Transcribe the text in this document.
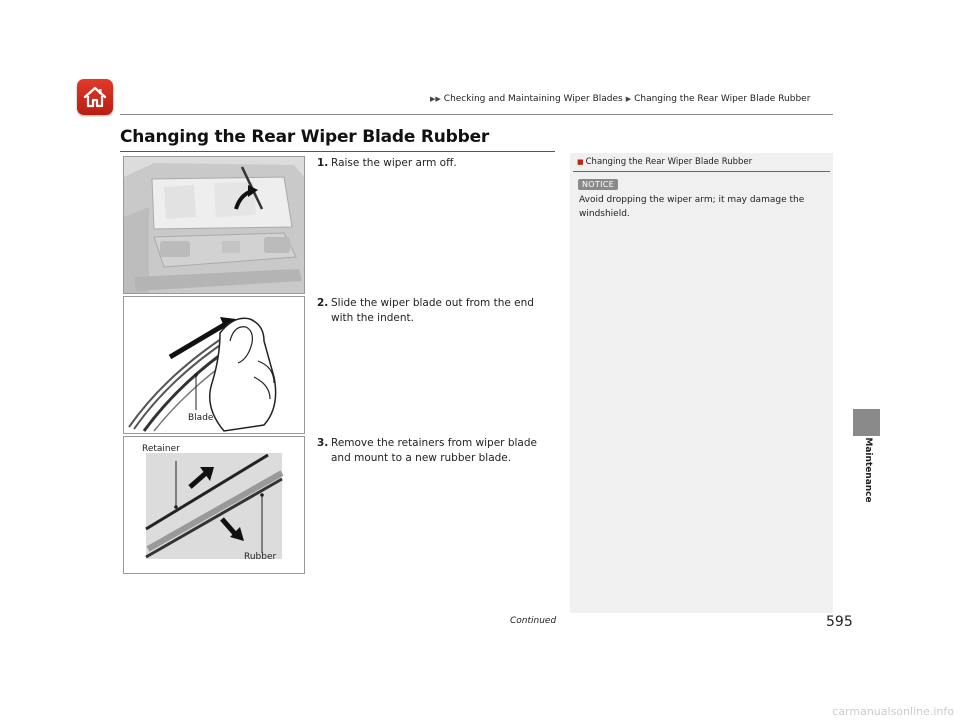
▶▶ Checking and Maintaining Wiper Blades ▶ Changing the Rear Wiper Blade Rubber
Changing the Rear Wiper Blade Rubber
Blade
Retainer
Rubber
1. Raise the wiper arm off.
2. Slide the wiper blade out from the end with the indent.
3. Remove the retainers from wiper blade and mount to a new rubber blade.
■ Changing the Rear Wiper Blade Rubber
NOTICE
Avoid dropping the wiper arm; it may damage the windshield.
Continued	595
Maintenance
carmanualsonline.info
